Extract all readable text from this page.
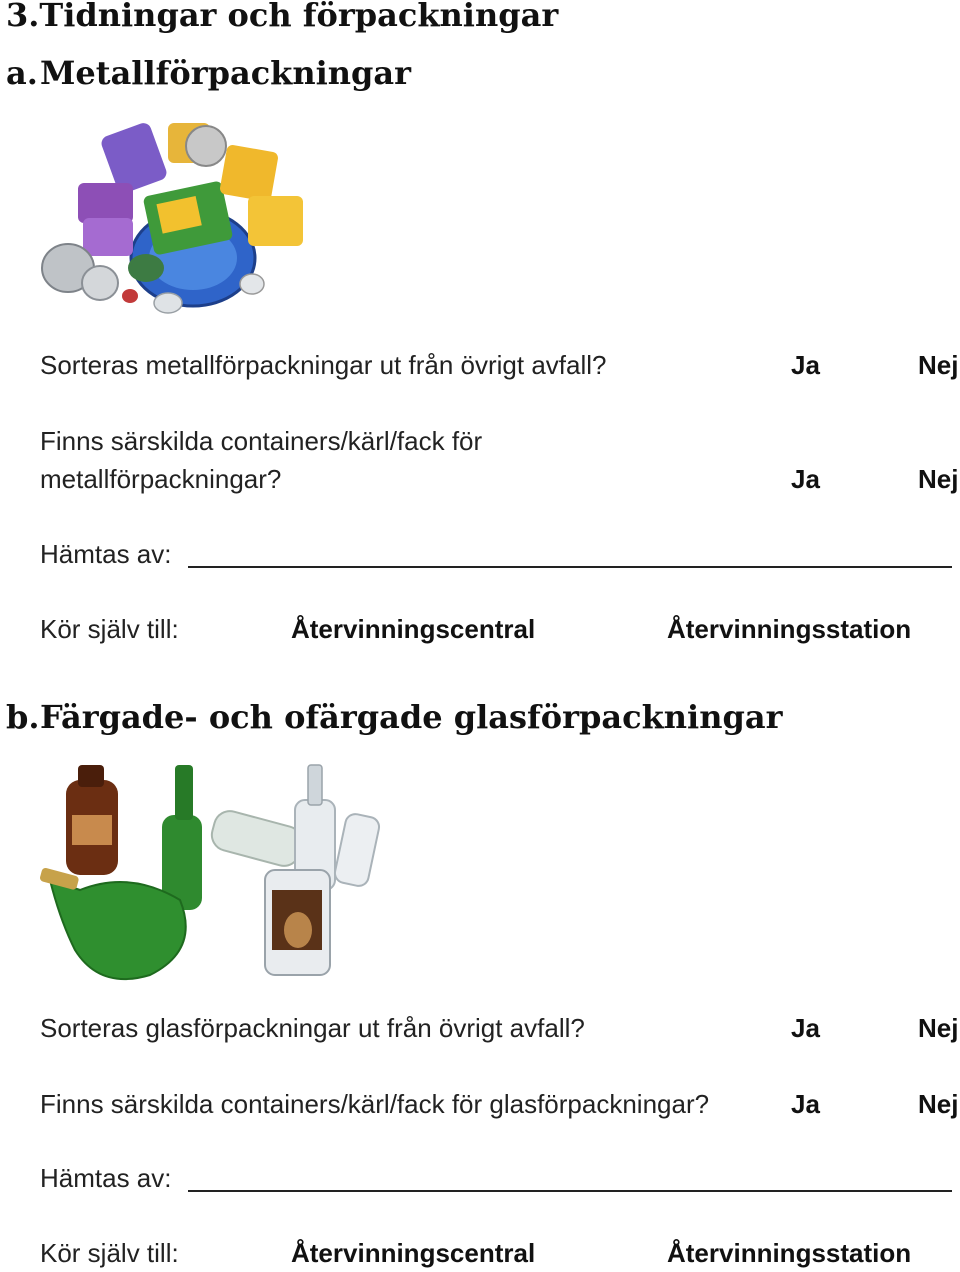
3.Tidningar och förpackningar
a.Metallförpackningar
Sorteras metallförpackningar ut från övrigt avfall?	Ja	Nej
Finns särskilda containers/kärl/fack för
metallförpackningar?	Ja	Nej
Hämtas av:
Kör själv till:	Återvinningscentral	Återvinningsstation
b.Färgade- och ofärgade glasförpackningar
Sorteras glasförpackningar ut från övrigt avfall?	Ja	Nej
Finns särskilda containers/kärl/fack för glasförpackningar?	Ja	Nej
Hämtas av:
Kör själv till:	Återvinningscentral	Återvinningsstation
